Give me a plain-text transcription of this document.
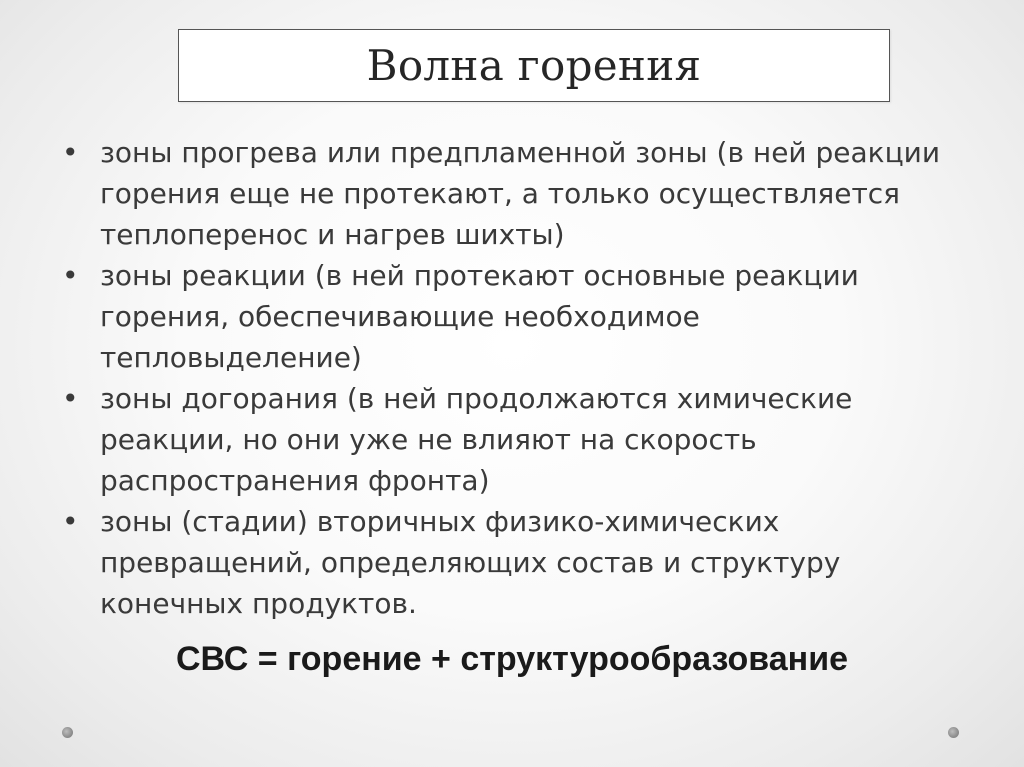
Волна горения
• зоны прогрева или предпламенной зоны (в ней реакции горения еще не протекают, а только осуществляется теплоперенос и нагрев шихты)
• зоны реакции (в ней протекают основные реакции горения, обеспечивающие необходимое тепловыделение)
• зоны догорания (в ней продолжаются химические реакции, но они уже не влияют на скорость распространения фронта)
• зоны (стадии) вторичных физико-химических превращений, определяющих состав и структуру конечных продуктов.
СВС = горение + структурообразование
